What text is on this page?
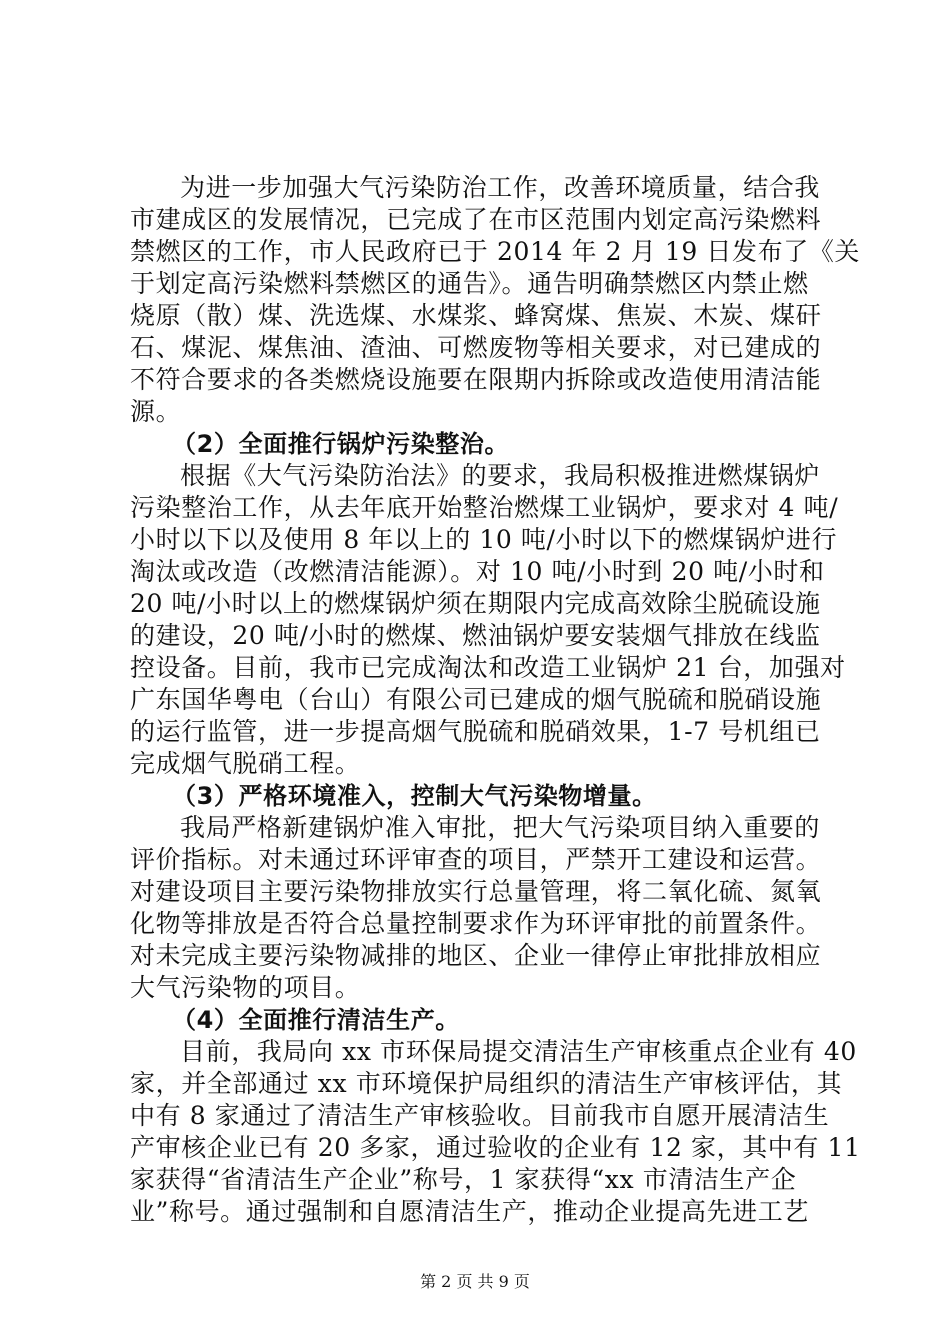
为进一步加强大气污染防治工作，改善环境质量，结合我
市建成区的发展情况，已完成了在市区范围内划定高污染燃料
禁燃区的工作，市人民政府已于 2014 年 2 月 19 日发布了《关
于划定高污染燃料禁燃区的通告》。通告明确禁燃区内禁止燃
烧原（散）煤、洗选煤、水煤浆、蜂窝煤、焦炭、木炭、煤矸
石、煤泥、煤焦油、渣油、可燃废物等相关要求，对已建成的
不符合要求的各类燃烧设施要在限期内拆除或改造使用清洁能
源。
（2）全面推行锅炉污染整治。
根据《大气污染防治法》的要求，我局积极推进燃煤锅炉
污染整治工作，从去年底开始整治燃煤工业锅炉，要求对 4 吨/
小时以下以及使用 8 年以上的 10 吨/小时以下的燃煤锅炉进行
淘汰或改造（改燃清洁能源）。对 10 吨/小时到 20 吨/小时和
20 吨/小时以上的燃煤锅炉须在期限内完成高效除尘脱硫设施
的建设，20 吨/小时的燃煤、燃油锅炉要安装烟气排放在线监
控设备。目前，我市已完成淘汰和改造工业锅炉 21 台，加强对
广东国华粤电（台山）有限公司已建成的烟气脱硫和脱硝设施
的运行监管，进一步提高烟气脱硫和脱硝效果，1-7 号机组已
完成烟气脱硝工程。
（3）严格环境准入，控制大气污染物增量。
我局严格新建锅炉准入审批，把大气污染项目纳入重要的
评价指标。对未通过环评审查的项目，严禁开工建设和运营。
对建设项目主要污染物排放实行总量管理，将二氧化硫、氮氧
化物等排放是否符合总量控制要求作为环评审批的前置条件。
对未完成主要污染物减排的地区、企业一律停止审批排放相应
大气污染物的项目。
（4）全面推行清洁生产。
目前，我局向 xx 市环保局提交清洁生产审核重点企业有 40
家，并全部通过 xx 市环境保护局组织的清洁生产审核评估，其
中有 8 家通过了清洁生产审核验收。目前我市自愿开展清洁生
产审核企业已有 20 多家，通过验收的企业有 12 家，其中有 11
家获得“省清洁生产企业”称号，1 家获得“xx 市清洁生产企
业”称号。通过强制和自愿清洁生产，推动企业提高先进工艺
第 2 页 共 9 页
